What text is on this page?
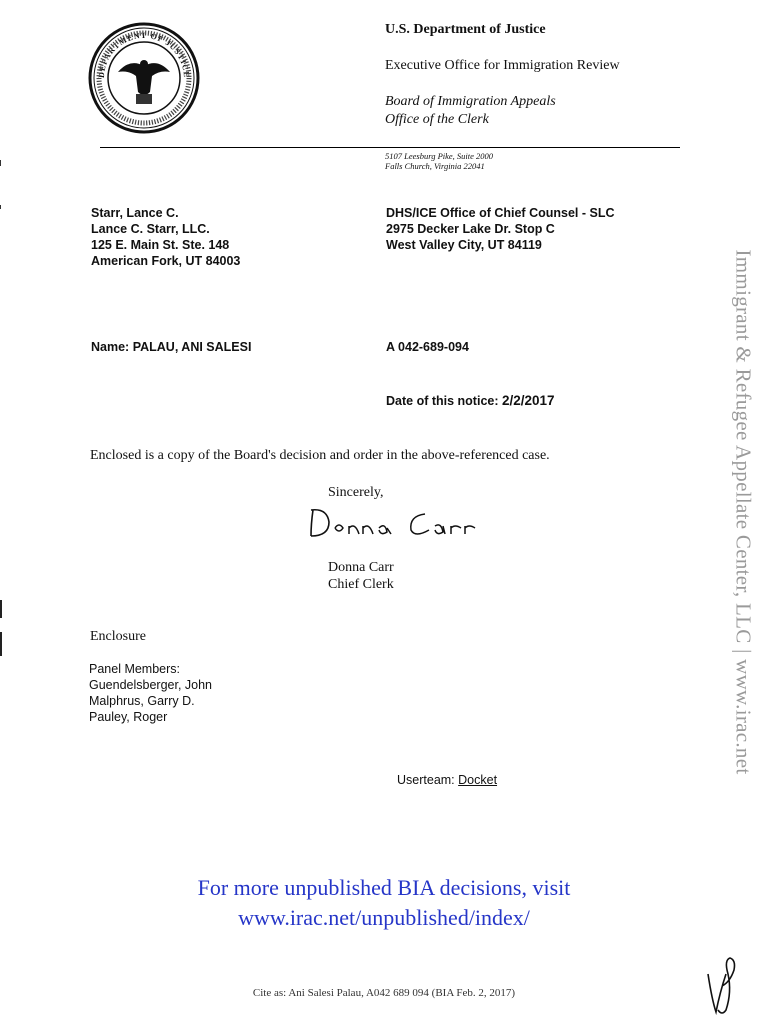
DEPARTMENT OF JUSTICE
U.S. Department of Justice
Executive Office for Immigration Review
Board of Immigration Appeals
Office of the Clerk
5107 Leesburg Pike, Suite 2000
Falls Church, Virginia 22041
Starr, Lance C.
Lance C. Starr, LLC.
125 E. Main St. Ste. 148
American Fork, UT 84003
DHS/ICE Office of Chief Counsel - SLC
2975 Decker Lake Dr. Stop C
West Valley City, UT 84119
Name: PALAU, ANI SALESI	A 042-689-094
Date of this notice: 2/2/2017
Enclosed is a copy of the Board's decision and order in the above-referenced case.
Sincerely,
Donna Carr
Chief Clerk
Enclosure
Panel Members:
Guendelsberger, John
Malphrus, Garry D.
Pauley, Roger
Userteam: Docket
Immigrant & Refugee Appellate Center, LLC | www.irac.net
For more unpublished BIA decisions, visit
www.irac.net/unpublished/index/
Cite as: Ani Salesi Palau, A042 689 094 (BIA Feb. 2, 2017)
